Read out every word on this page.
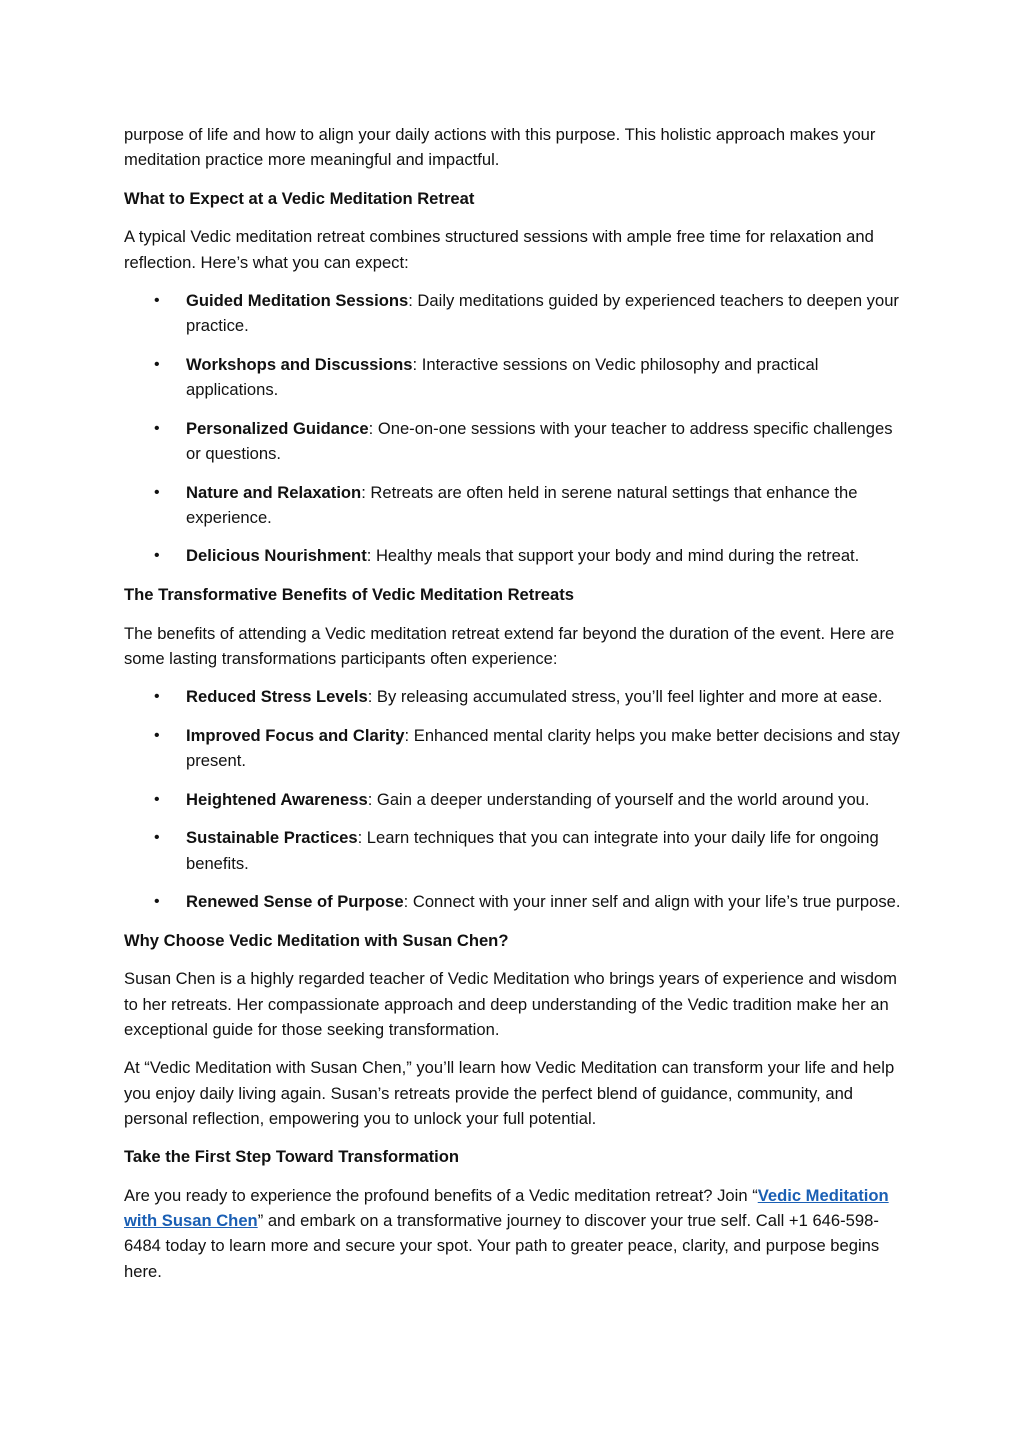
purpose of life and how to align your daily actions with this purpose. This holistic approach makes your meditation practice more meaningful and impactful.

What to Expect at a Vedic Meditation Retreat

A typical Vedic meditation retreat combines structured sessions with ample free time for relaxation and reflection. Here’s what you can expect:

• Guided Meditation Sessions: Daily meditations guided by experienced teachers to deepen your practice.
• Workshops and Discussions: Interactive sessions on Vedic philosophy and practical applications.
• Personalized Guidance: One-on-one sessions with your teacher to address specific challenges or questions.
• Nature and Relaxation: Retreats are often held in serene natural settings that enhance the experience.
• Delicious Nourishment: Healthy meals that support your body and mind during the retreat.
The Transformative Benefits of Vedic Meditation Retreats

The benefits of attending a Vedic meditation retreat extend far beyond the duration of the event. Here are some lasting transformations participants often experience:

• Reduced Stress Levels: By releasing accumulated stress, you’ll feel lighter and more at ease.
• Improved Focus and Clarity: Enhanced mental clarity helps you make better decisions and stay present.
• Heightened Awareness: Gain a deeper understanding of yourself and the world around you.
• Sustainable Practices: Learn techniques that you can integrate into your daily life for ongoing benefits.
• Renewed Sense of Purpose: Connect with your inner self and align with your life’s true purpose.
Why Choose Vedic Meditation with Susan Chen?

Susan Chen is a highly regarded teacher of Vedic Meditation who brings years of experience and wisdom to her retreats. Her compassionate approach and deep understanding of the Vedic tradition make her an exceptional guide for those seeking transformation.

At “Vedic Meditation with Susan Chen,” you’ll learn how Vedic Meditation can transform your life and help you enjoy daily living again. Susan’s retreats provide the perfect blend of guidance, community, and personal reflection, empowering you to unlock your full potential.

Take the First Step Toward Transformation

Are you ready to experience the profound benefits of a Vedic meditation retreat? Join “Vedic Meditation with Susan Chen” and embark on a transformative journey to discover your true self. Call +1 646-598-6484 today to learn more and secure your spot. Your path to greater peace, clarity, and purpose begins here.
